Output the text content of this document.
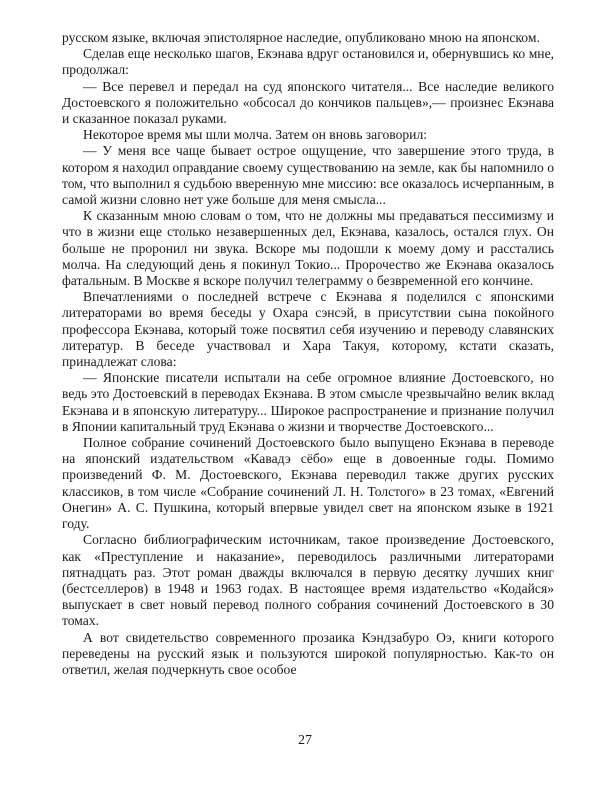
русском языке, включая эпистолярное наследие, опубликовано мною на японском.

Сделав еще несколько шагов, Екэнава вдруг остановился и, обернувшись ко мне, продолжал:

— Все перевел и передал на суд японского читателя... Все наследие великого Достоевского я положительно «обсосал до кончиков пальцев»,— произнес Екэнава и сказанное показал руками.

Некоторое время мы шли молча. Затем он вновь заговорил:

— У меня все чаще бывает острое ощущение, что завершение этого труда, в котором я находил оправдание своему существованию на земле, как бы напомнило о том, что выполнил я судьбою вверенную мне миссию: все оказалось исчерпанным, в самой жизни словно нет уже больше для меня смысла...

К сказанным мною словам о том, что не должны мы предаваться пессимизму и что в жизни еще столько незавершенных дел, Екэнава, казалось, остался глух. Он больше не проронил ни звука. Вскоре мы подошли к моему дому и расстались молча. На следующий день я покинул Токио... Пророчество же Екэнава оказалось фатальным. В Москве я вскоре получил телеграмму о безвременной его кончине.

Впечатлениями о последней встрече с Екэнава я поделился с японскими литераторами во время беседы у Охара сэнсэй, в присутствии сына покойного профессора Екэнава, который тоже посвятил себя изучению и переводу славянских литератур. В беседе участвовал и Хара Такуя, которому, кстати сказать, принадлежат слова:

— Японские писатели испытали на себе огромное влияние Достоевского, но ведь это Достоевский в переводах Екэнава. В этом смысле чрезвычайно велик вклад Екэнава и в японскую литературу... Широкое распространение и признание получил в Японии капитальный труд Екэнава о жизни и творчестве Достоевского...

Полное собрание сочинений Достоевского было выпущено Екэнава в переводе на японский издательством «Кавадэ сёбо» еще в довоенные годы. Помимо произведений Ф. М. Достоевского, Екэнава переводил также других русских классиков, в том числе «Собрание сочинений Л. Н. Толстого» в 23 томах, «Евгений Онегин» А. С. Пушкина, который впервые увидел свет на японском языке в 1921 году.

Согласно библиографическим источникам, такое произведение Достоевского, как «Преступление и наказание», переводилось различными литераторами пятнадцать раз. Этот роман дважды включался в первую десятку лучших книг (бестселлеров) в 1948 и 1963 годах. В настоящее время издательство «Кодайся» выпускает в свет новый перевод полного собрания сочинений Достоевского в 30 томах.

А вот свидетельство современного прозаика Кэндзабуро Оэ, книги которого переведены на русский язык и пользуются широкой популярностью. Как-то он ответил, желая подчеркнуть свое особое

27
